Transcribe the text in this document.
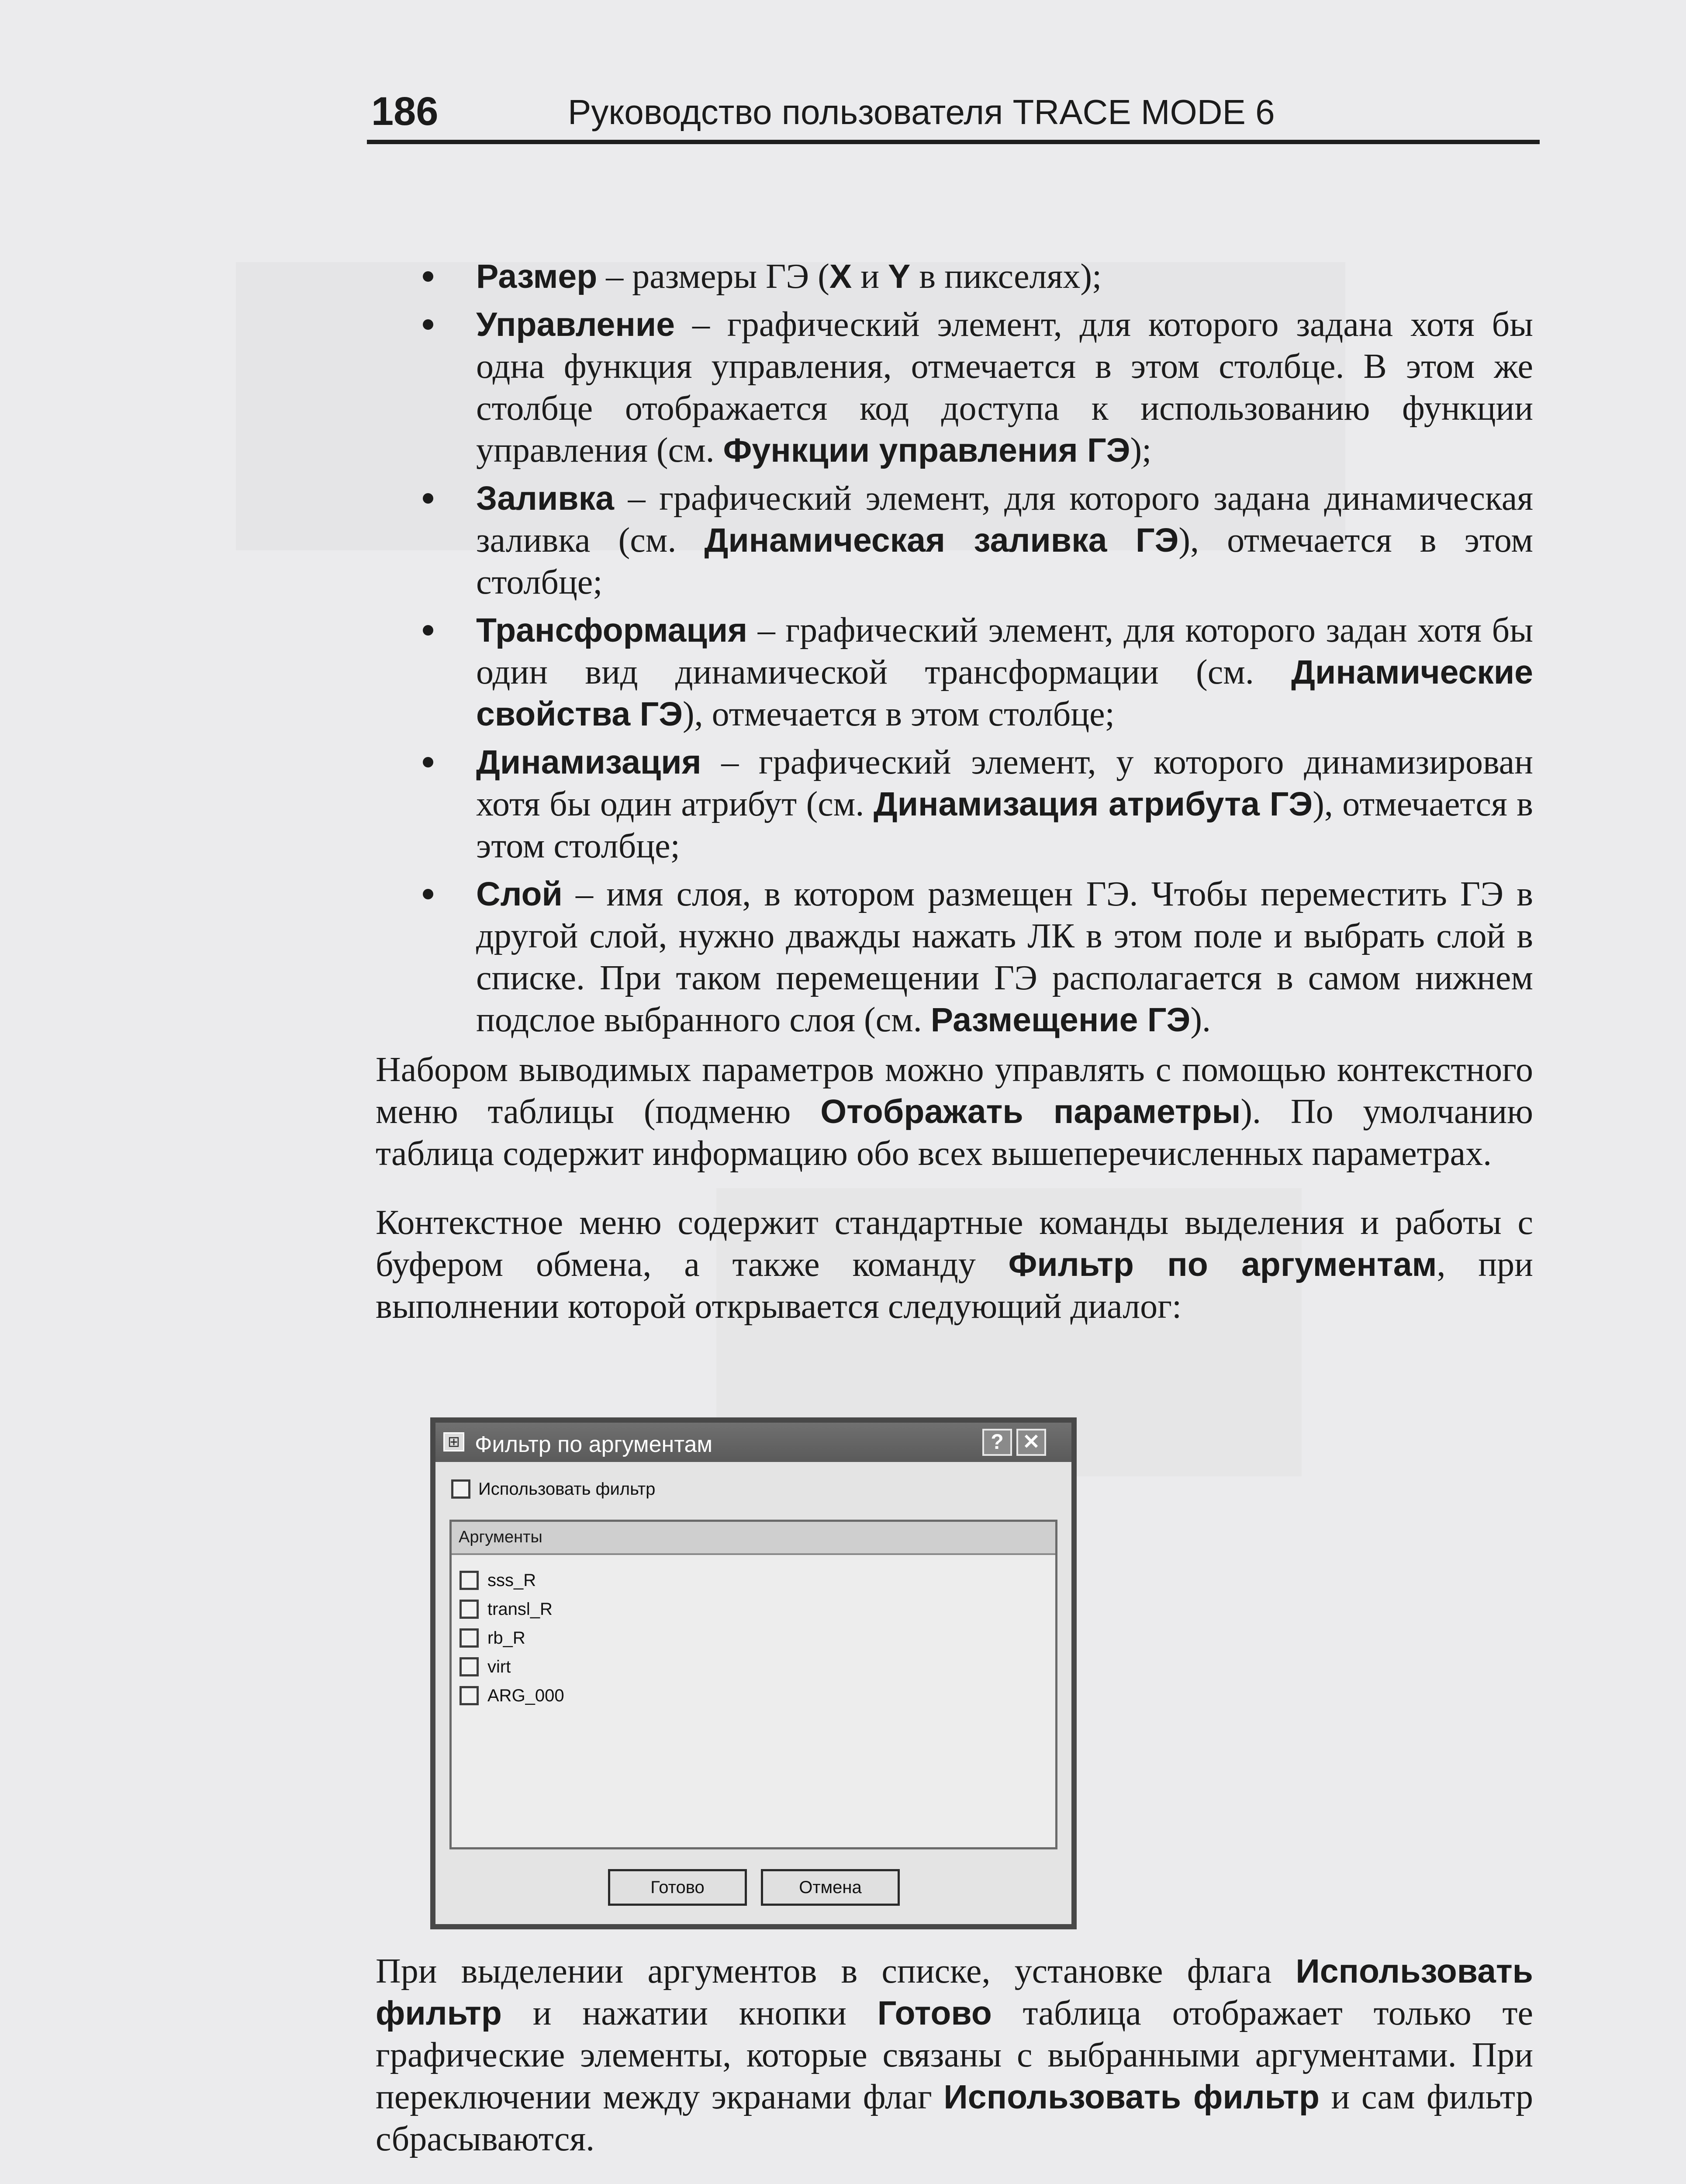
186	Руководство пользователя TRACE MODE 6
Размер – размеры ГЭ (X и Y в пикселях);
Управление – графический элемент, для которого задана хотя бы одна функция управления, отмечается в этом столбце. В этом же столбце отображается код доступа к использованию функции управления (см. Функции управления ГЭ);
Заливка – графический элемент, для которого задана динамическая заливка (см. Динамическая заливка ГЭ), отмечается в этом столбце;
Трансформация – графический элемент, для которого задан хотя бы один вид динамической трансформации (см. Динамические свойства ГЭ), отмечается в этом столбце;
Динамизация – графический элемент, у которого динамизирован хотя бы один атрибут (см. Динамизация атрибута ГЭ), отмечается в этом столбце;
Слой – имя слоя, в котором размещен ГЭ. Чтобы переместить ГЭ в другой слой, нужно дважды нажать ЛК в этом поле и выбрать слой в списке. При таком перемещении ГЭ располагается в самом нижнем подслое выбранного слоя (см. Размещение ГЭ).

Набором выводимых параметров можно управлять с помощью контекстного меню таблицы (подменю Отображать параметры). По умолчанию таблица содержит информацию обо всех вышеперечисленных параметрах.

Контекстное меню содержит стандартные команды выделения и работы с буфером обмена, а также команду Фильтр по аргументам, при выполнении которой открывается следующий диалог:

⊞ Фильтр по аргументам	? ✕
Использовать фильтр
Аргументы
sss_R
transl_R
rb_R
virt
ARG_000
Готово	Отмена
При выделении аргументов в списке, установке флага Использовать фильтр и нажатии кнопки Готово таблица отображает только те графические элементы, которые связаны с выбранными аргументами. При переключении между экранами флаг Использовать фильтр и сам фильтр сбрасываются.
